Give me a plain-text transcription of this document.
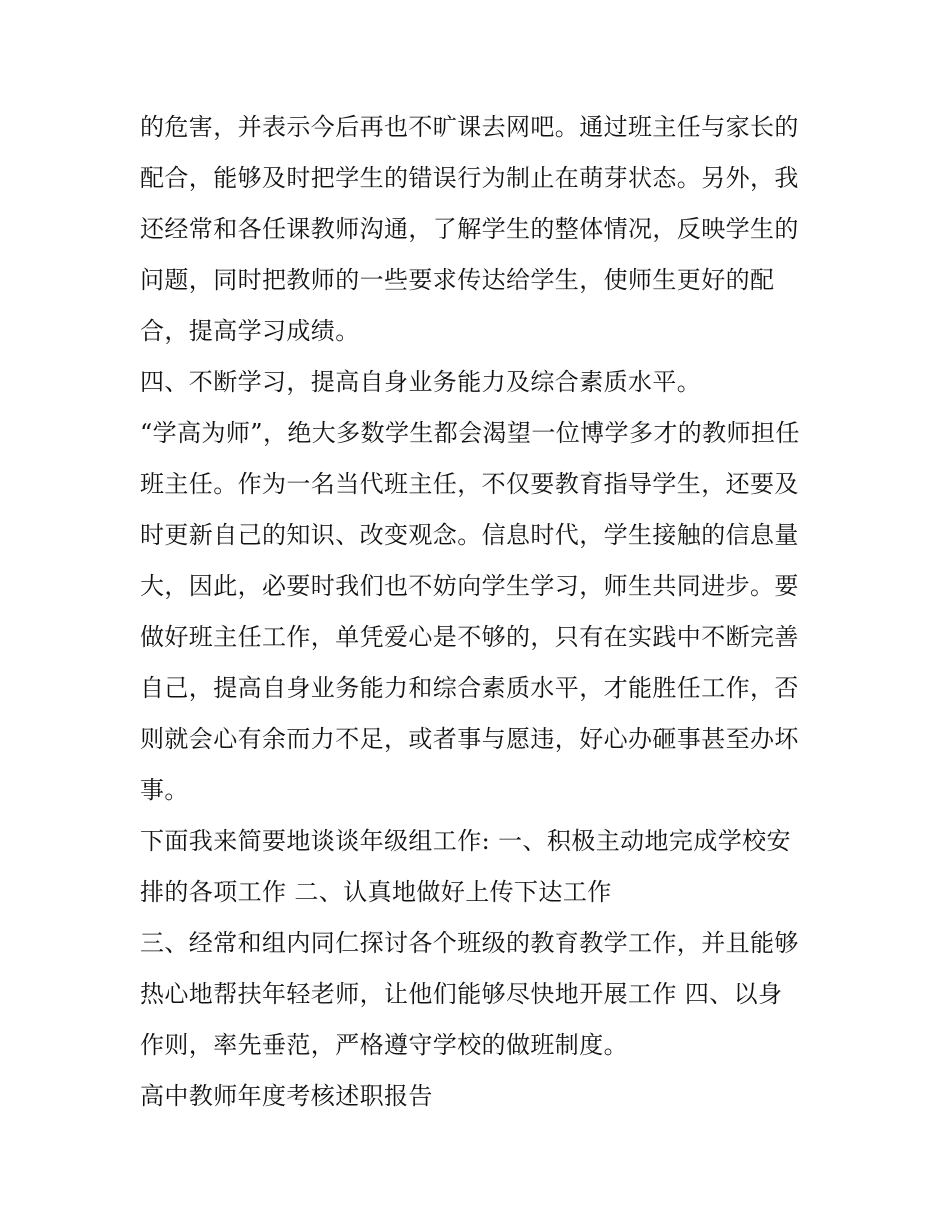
的危害，并表示今后再也不旷课去网吧。通过班主任与家长的
配合，能够及时把学生的错误行为制止在萌芽状态。另外，我
还经常和各任课教师沟通，了解学生的整体情况，反映学生的
问题，同时把教师的一些要求传达给学生，使师生更好的配
合，提高学习成绩。
四、不断学习，提高自身业务能力及综合素质水平。
“学高为师”，绝大多数学生都会渴望一位博学多才的教师担任
班主任。作为一名当代班主任，不仅要教育指导学生，还要及
时更新自己的知识、改变观念。信息时代，学生接触的信息量
大，因此，必要时我们也不妨向学生学习，师生共同进步。要
做好班主任工作，单凭爱心是不够的，只有在实践中不断完善
自己，提高自身业务能力和综合素质水平，才能胜任工作，否
则就会心有余而力不足，或者事与愿违，好心办砸事甚至办坏
事。
下面我来简要地谈谈年级组工作: 一、积极主动地完成学校安
排的各项工作 二、认真地做好上传下达工作
三、经常和组内同仁探讨各个班级的教育教学工作，并且能够
热心地帮扶年轻老师，让他们能够尽快地开展工作 四、以身
作则，率先垂范，严格遵守学校的做班制度。
高中教师年度考核述职报告
